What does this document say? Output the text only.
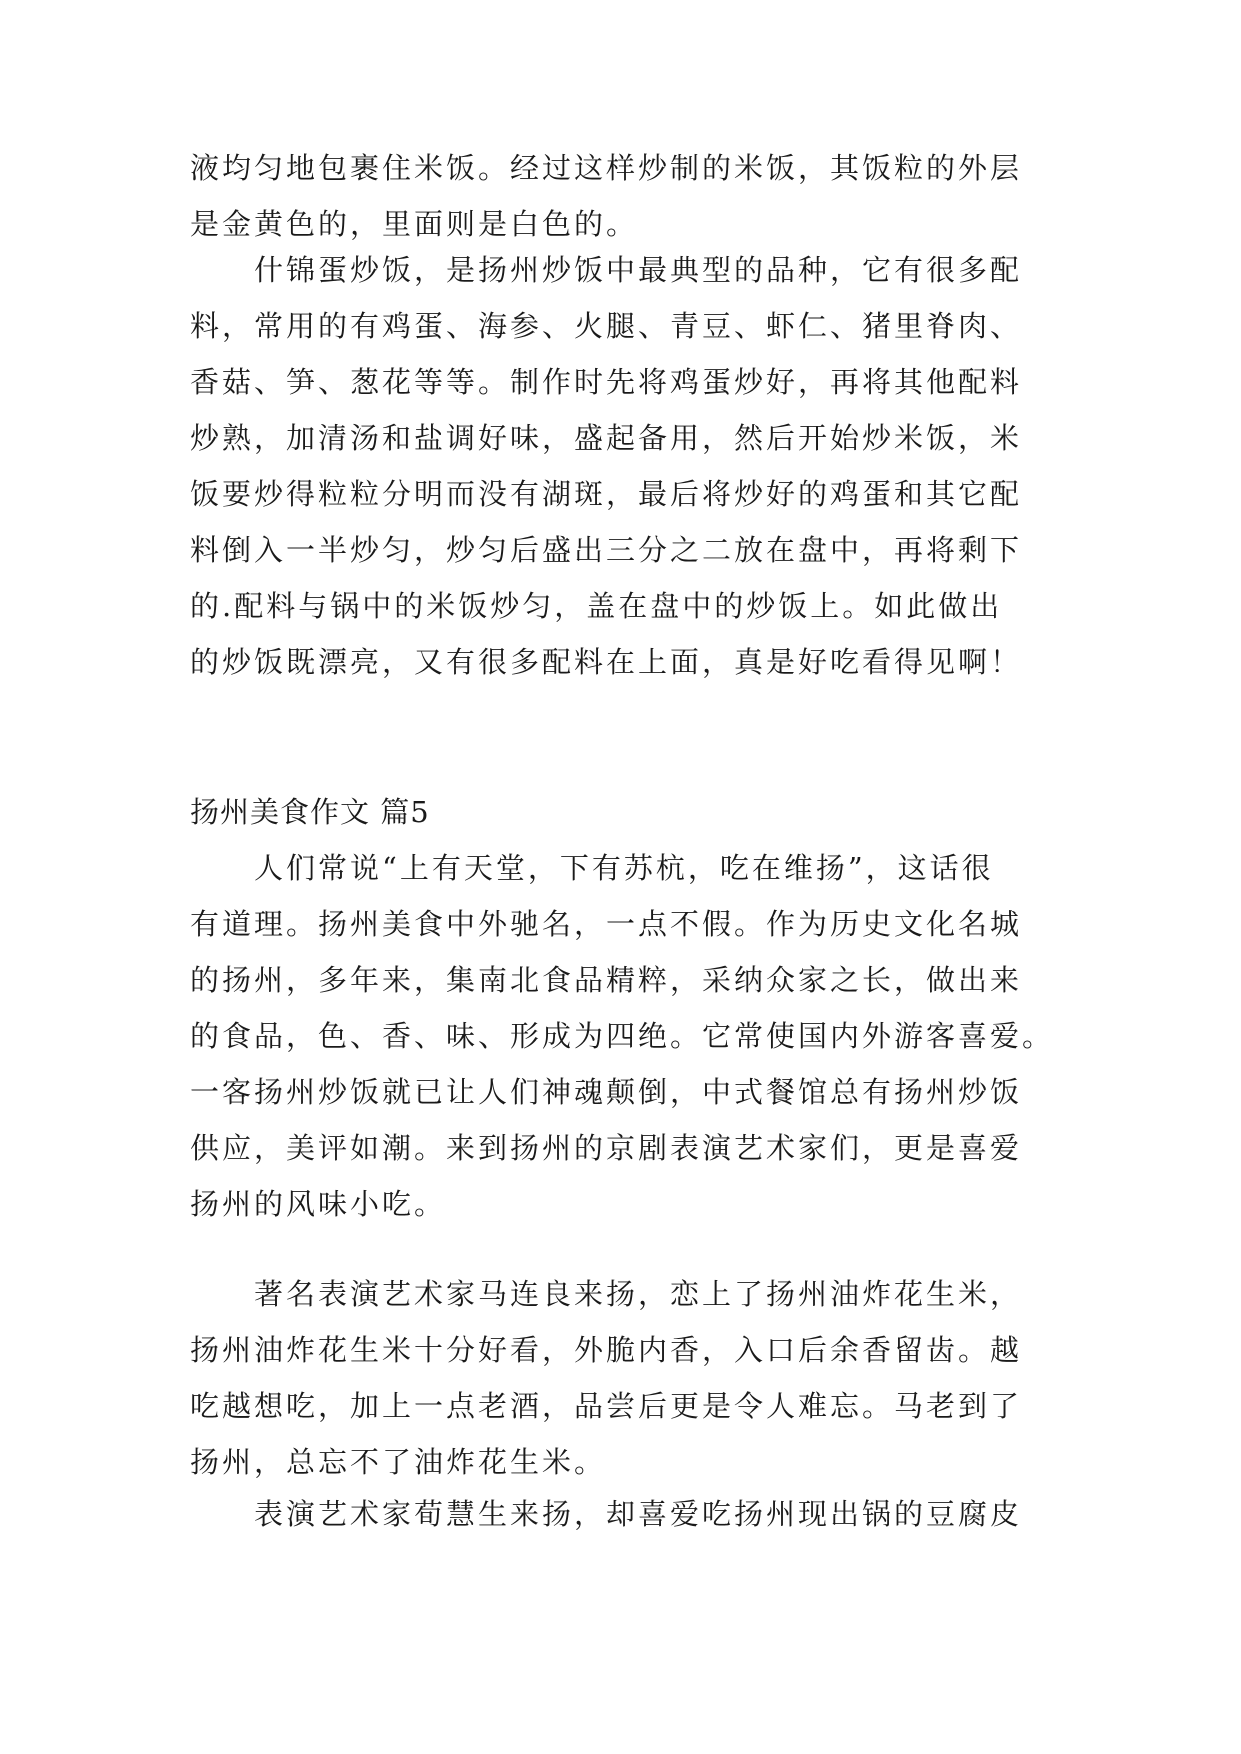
液均匀地包裹住米饭。经过这样炒制的米饭，其饭粒的外层
是金黄色的，里面则是白色的。
什锦蛋炒饭，是扬州炒饭中最典型的品种，它有很多配
料，常用的有鸡蛋、海参、火腿、青豆、虾仁、猪里脊肉、
香菇、笋、葱花等等。制作时先将鸡蛋炒好，再将其他配料
炒熟，加清汤和盐调好味，盛起备用，然后开始炒米饭，米
饭要炒得粒粒分明而没有湖斑，最后将炒好的鸡蛋和其它配
料倒入一半炒匀，炒匀后盛出三分之二放在盘中，再将剩下
的.配料与锅中的米饭炒匀，盖在盘中的炒饭上。如此做出
的炒饭既漂亮，又有很多配料在上面，真是好吃看得见啊！
扬州美食作文 篇5
人们常说“上有天堂，下有苏杭，吃在维扬”，这话很
有道理。扬州美食中外驰名，一点不假。作为历史文化名城
的扬州，多年来，集南北食品精粹，采纳众家之长，做出来
的食品，色、香、味、形成为四绝。它常使国内外游客喜爱。
一客扬州炒饭就已让人们神魂颠倒，中式餐馆总有扬州炒饭
供应，美评如潮。来到扬州的京剧表演艺术家们，更是喜爱
扬州的风味小吃。
著名表演艺术家马连良来扬，恋上了扬州油炸花生米，
扬州油炸花生米十分好看，外脆内香，入口后余香留齿。越
吃越想吃，加上一点老酒，品尝后更是令人难忘。马老到了
扬州，总忘不了油炸花生米。
表演艺术家荀慧生来扬，却喜爱吃扬州现出锅的豆腐皮
